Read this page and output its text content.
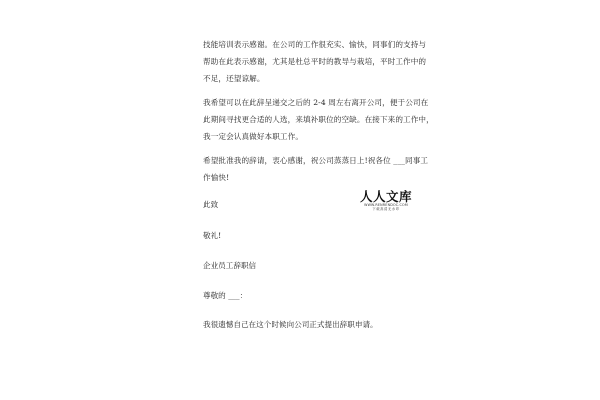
技能培训表示感谢。在公司的工作很充实、愉快，同事们的支持与
帮助在此表示感谢，尤其是杜总平时的教导与栽培，平时工作中的
不足，还望谅解。

我希望可以在此辞呈递交之后的 2-4 周左右离开公司，便于公司在
此期间寻找更合适的人选，来填补职位的空缺。在接下来的工作中，
我一定会认真做好本职工作。

希望批准我的辞请，衷心感谢，祝公司蒸蒸日上!祝各位 ___同事工
作愉快!

此致

敬礼!

企业员工辞职信

尊敬的 ___：

我很遗憾自己在这个时候向公司正式提出辞职申请。

人人文库
WWW.RENRENDOC.COM
下载高清无水印
